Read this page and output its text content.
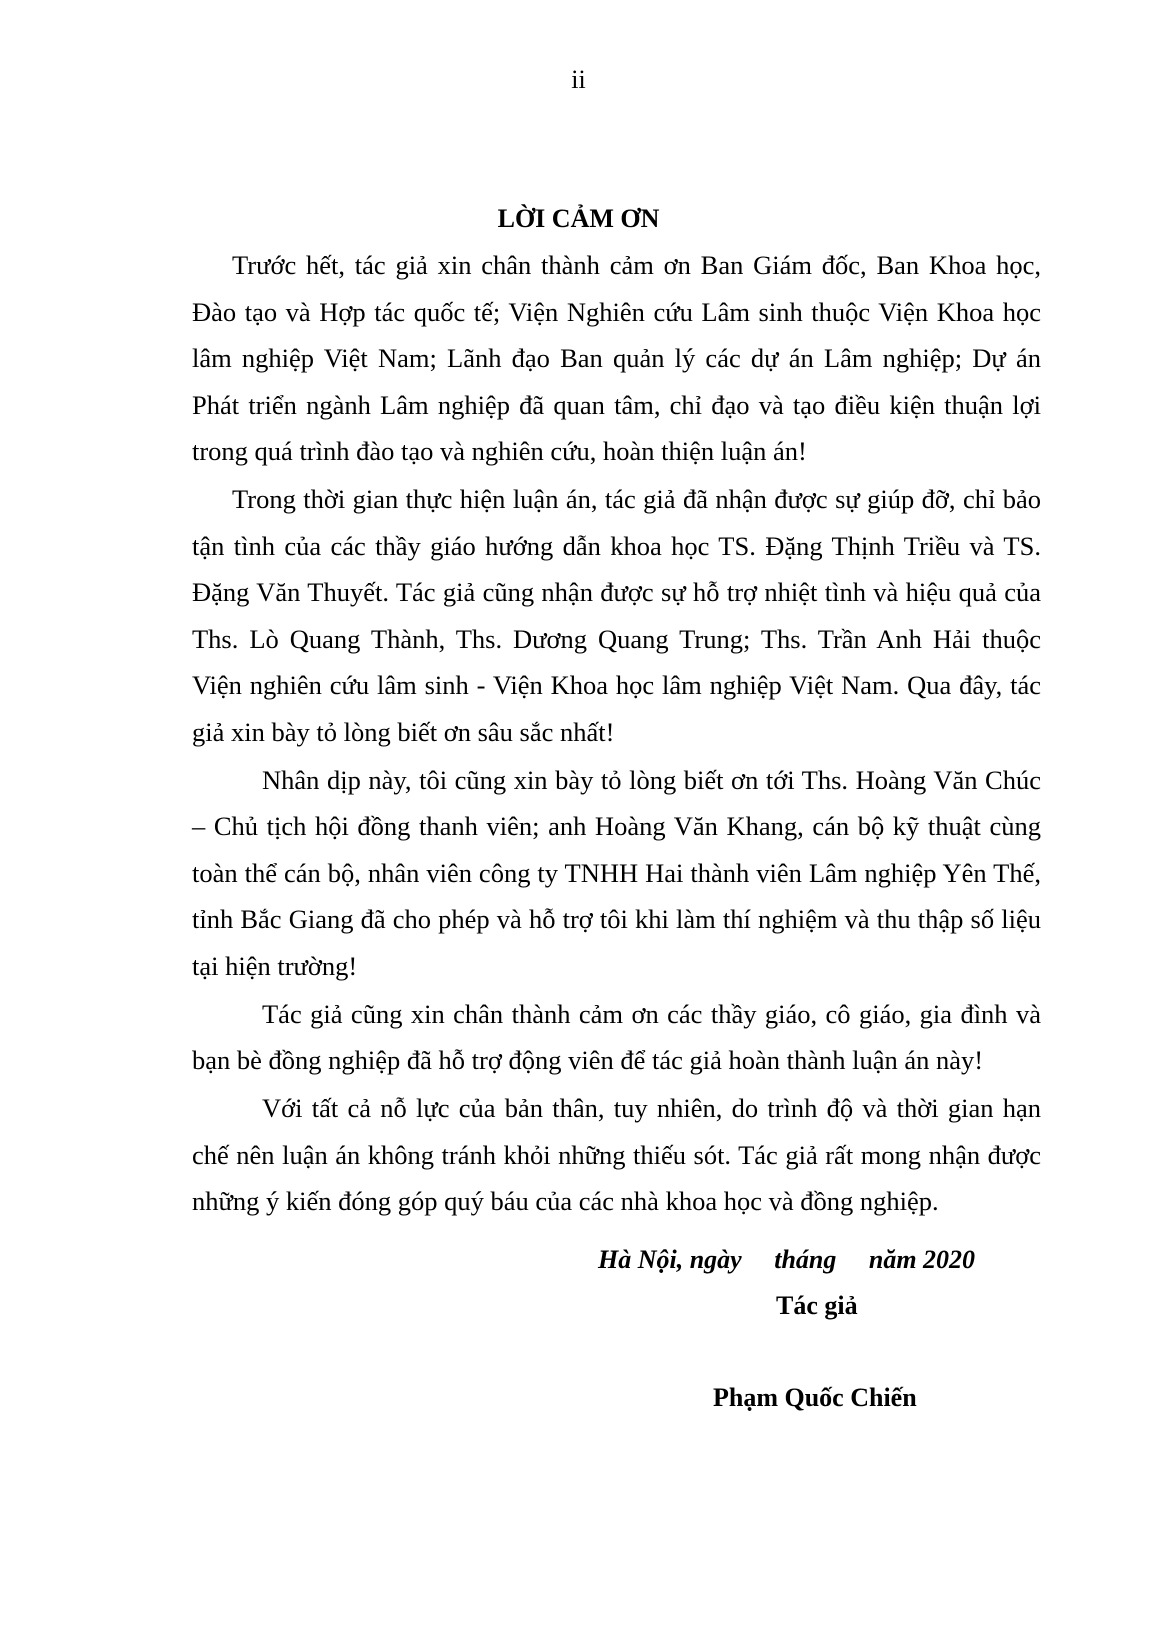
ii
LỜI CẢM ƠN

Trước hết, tác giả xin chân thành cảm ơn Ban Giám đốc, Ban Khoa học, Đào tạo và Hợp tác quốc tế; Viện Nghiên cứu Lâm sinh thuộc Viện Khoa học lâm nghiệp Việt Nam; Lãnh đạo Ban quản lý các dự án Lâm nghiệp; Dự án Phát triển ngành Lâm nghiệp đã quan tâm, chỉ đạo và tạo điều kiện thuận lợi trong quá trình đào tạo và nghiên cứu, hoàn thiện luận án!

Trong thời gian thực hiện luận án, tác giả đã nhận được sự giúp đỡ, chỉ bảo tận tình của các thầy giáo hướng dẫn khoa học TS. Đặng Thịnh Triều và TS. Đặng Văn Thuyết. Tác giả cũng nhận được sự hỗ trợ nhiệt tình và hiệu quả của Ths. Lò Quang Thành, Ths. Dương Quang Trung; Ths. Trần Anh Hải thuộc Viện nghiên cứu lâm sinh - Viện Khoa học lâm nghiệp Việt Nam. Qua đây, tác giả xin bày tỏ lòng biết ơn sâu sắc nhất!

Nhân dịp này, tôi cũng xin bày tỏ lòng biết ơn tới Ths. Hoàng Văn Chúc – Chủ tịch hội đồng thanh viên; anh Hoàng Văn Khang, cán bộ kỹ thuật cùng toàn thể cán bộ, nhân viên công ty TNHH Hai thành viên Lâm nghiệp Yên Thế, tỉnh Bắc Giang đã cho phép và hỗ trợ tôi khi làm thí nghiệm và thu thập số liệu tại hiện trường!

Tác giả cũng xin chân thành cảm ơn các thầy giáo, cô giáo, gia đình và bạn bè đồng nghiệp đã hỗ trợ động viên để tác giả hoàn thành luận án này!

Với tất cả nỗ lực của bản thân, tuy nhiên, do trình độ và thời gian hạn chế nên luận án không tránh khỏi những thiếu sót. Tác giả rất mong nhận được những ý kiến đóng góp quý báu của các nhà khoa học và đồng nghiệp.

Hà Nội, ngày     tháng     năm 2020
Tác giả
Phạm Quốc Chiến
